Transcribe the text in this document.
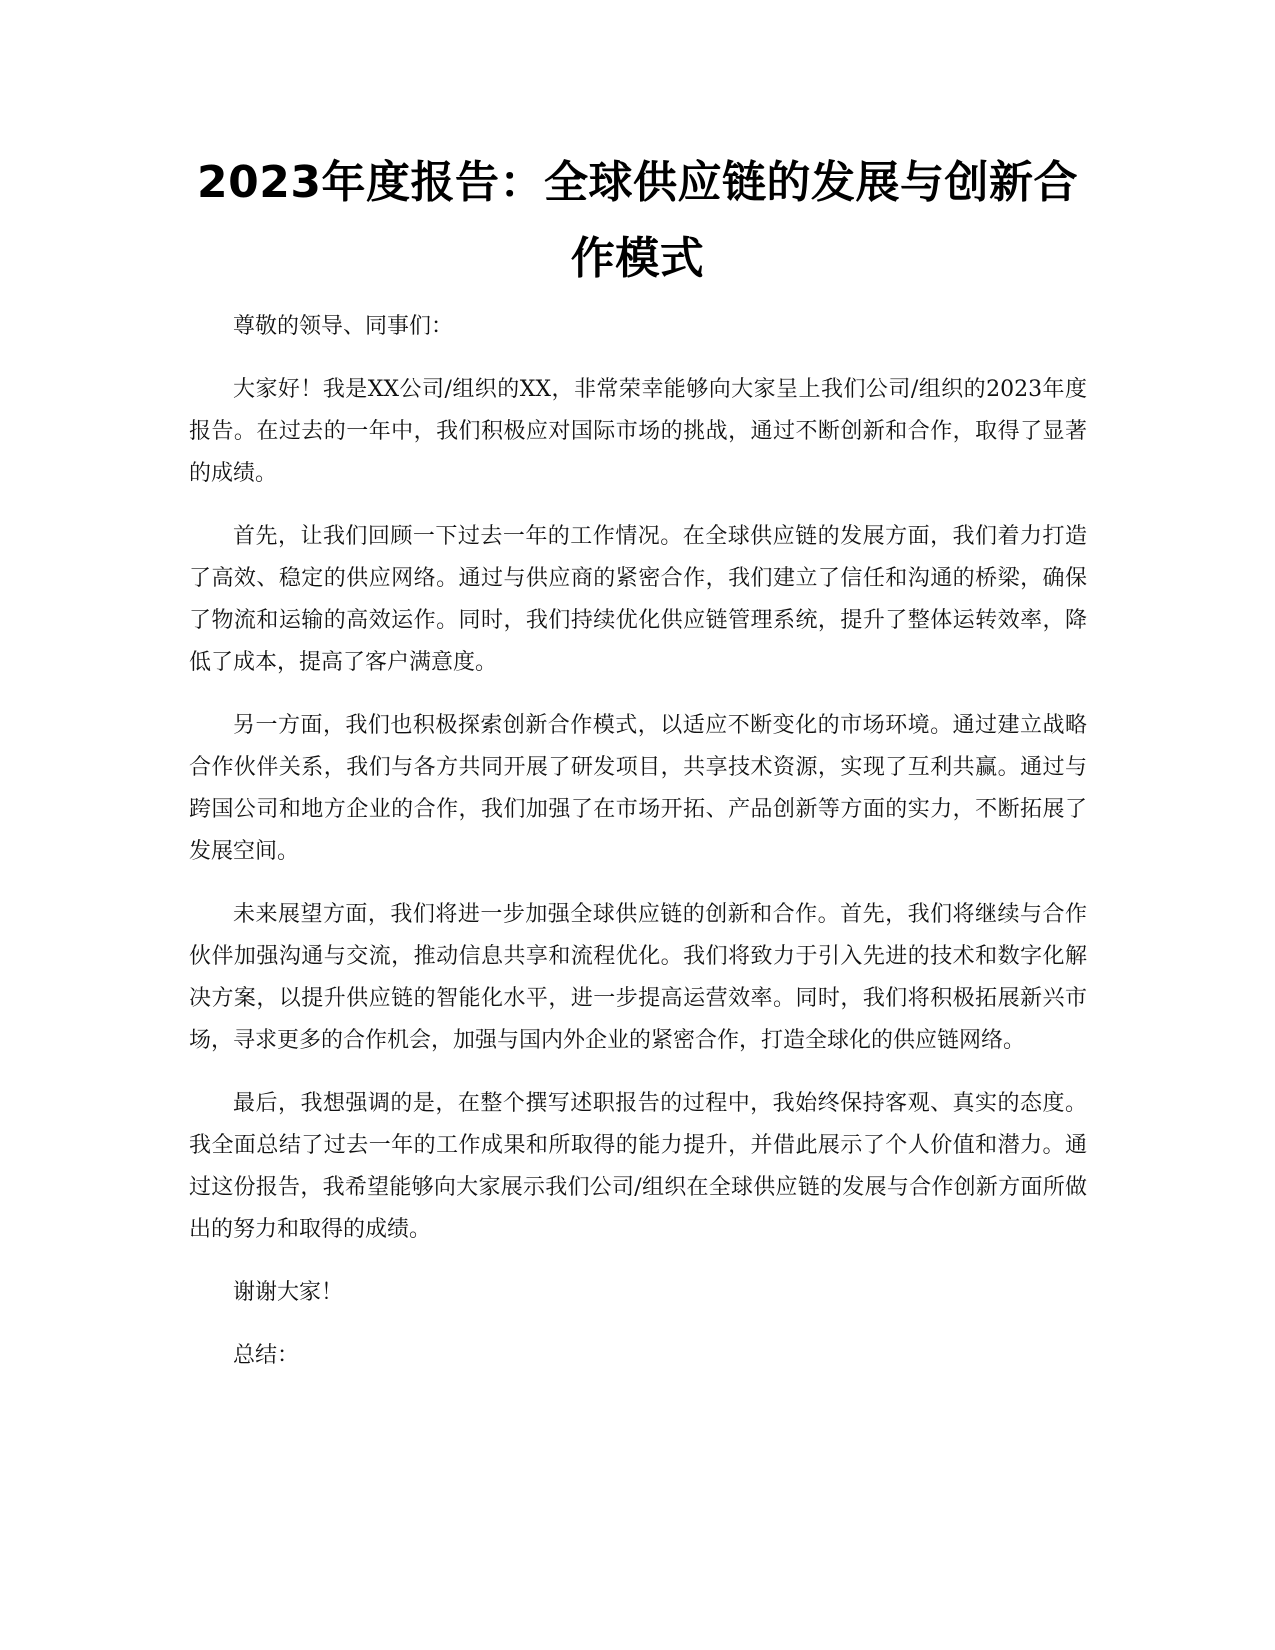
2023年度报告：全球供应链的发展与创新合作模式

尊敬的领导、同事们：

大家好！我是XX公司/组织的XX，非常荣幸能够向大家呈上我们公司/组织的2023年度报告。在过去的一年中，我们积极应对国际市场的挑战，通过不断创新和合作，取得了显著的成绩。

首先，让我们回顾一下过去一年的工作情况。在全球供应链的发展方面，我们着力打造了高效、稳定的供应网络。通过与供应商的紧密合作，我们建立了信任和沟通的桥梁，确保了物流和运输的高效运作。同时，我们持续优化供应链管理系统，提升了整体运转效率，降低了成本，提高了客户满意度。

另一方面，我们也积极探索创新合作模式，以适应不断变化的市场环境。通过建立战略合作伙伴关系，我们与各方共同开展了研发项目，共享技术资源，实现了互利共赢。通过与跨国公司和地方企业的合作，我们加强了在市场开拓、产品创新等方面的实力，不断拓展了发展空间。

未来展望方面，我们将进一步加强全球供应链的创新和合作。首先，我们将继续与合作伙伴加强沟通与交流，推动信息共享和流程优化。我们将致力于引入先进的技术和数字化解决方案，以提升供应链的智能化水平，进一步提高运营效率。同时，我们将积极拓展新兴市场，寻求更多的合作机会，加强与国内外企业的紧密合作，打造全球化的供应链网络。

最后，我想强调的是，在整个撰写述职报告的过程中，我始终保持客观、真实的态度。我全面总结了过去一年的工作成果和所取得的能力提升，并借此展示了个人价值和潜力。通过这份报告，我希望能够向大家展示我们公司/组织在全球供应链的发展与合作创新方面所做出的努力和取得的成绩。

谢谢大家！

总结：
